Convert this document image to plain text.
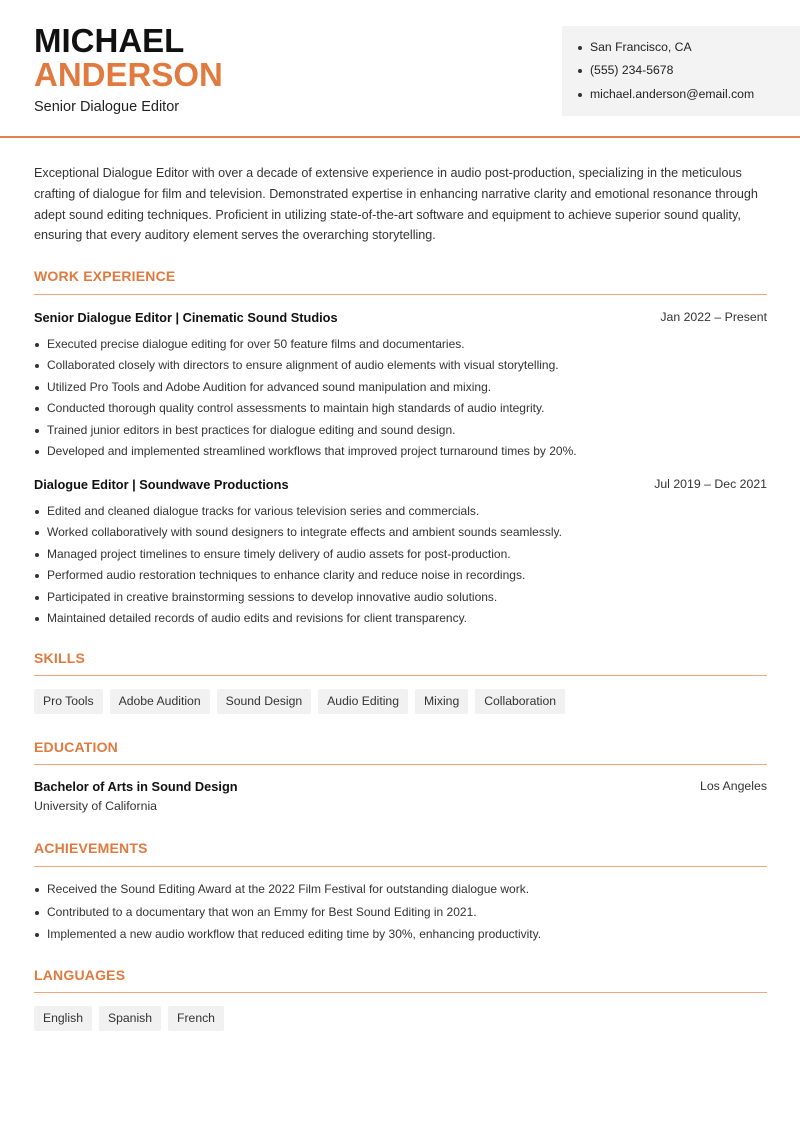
MICHAEL
ANDERSON
Senior Dialogue Editor
San Francisco, CA
(555) 234-5678
michael.anderson@email.com
Exceptional Dialogue Editor with over a decade of extensive experience in audio post-production, specializing in the meticulous crafting of dialogue for film and television. Demonstrated expertise in enhancing narrative clarity and emotional resonance through adept sound editing techniques. Proficient in utilizing state-of-the-art software and equipment to achieve superior sound quality, ensuring that every auditory element serves the overarching storytelling.
WORK EXPERIENCE
Senior Dialogue Editor | Cinematic Sound Studios	Jan 2022 – Present
Executed precise dialogue editing for over 50 feature films and documentaries.
Collaborated closely with directors to ensure alignment of audio elements with visual storytelling.
Utilized Pro Tools and Adobe Audition for advanced sound manipulation and mixing.
Conducted thorough quality control assessments to maintain high standards of audio integrity.
Trained junior editors in best practices for dialogue editing and sound design.
Developed and implemented streamlined workflows that improved project turnaround times by 20%.
Dialogue Editor | Soundwave Productions	Jul 2019 – Dec 2021
Edited and cleaned dialogue tracks for various television series and commercials.
Worked collaboratively with sound designers to integrate effects and ambient sounds seamlessly.
Managed project timelines to ensure timely delivery of audio assets for post-production.
Performed audio restoration techniques to enhance clarity and reduce noise in recordings.
Participated in creative brainstorming sessions to develop innovative audio solutions.
Maintained detailed records of audio edits and revisions for client transparency.
SKILLS
Pro Tools	Adobe Audition	Sound Design	Audio Editing	Mixing	Collaboration
EDUCATION
Bachelor of Arts in Sound Design	Los Angeles
University of California
ACHIEVEMENTS
Received the Sound Editing Award at the 2022 Film Festival for outstanding dialogue work.
Contributed to a documentary that won an Emmy for Best Sound Editing in 2021.
Implemented a new audio workflow that reduced editing time by 30%, enhancing productivity.
LANGUAGES
English	Spanish	French
